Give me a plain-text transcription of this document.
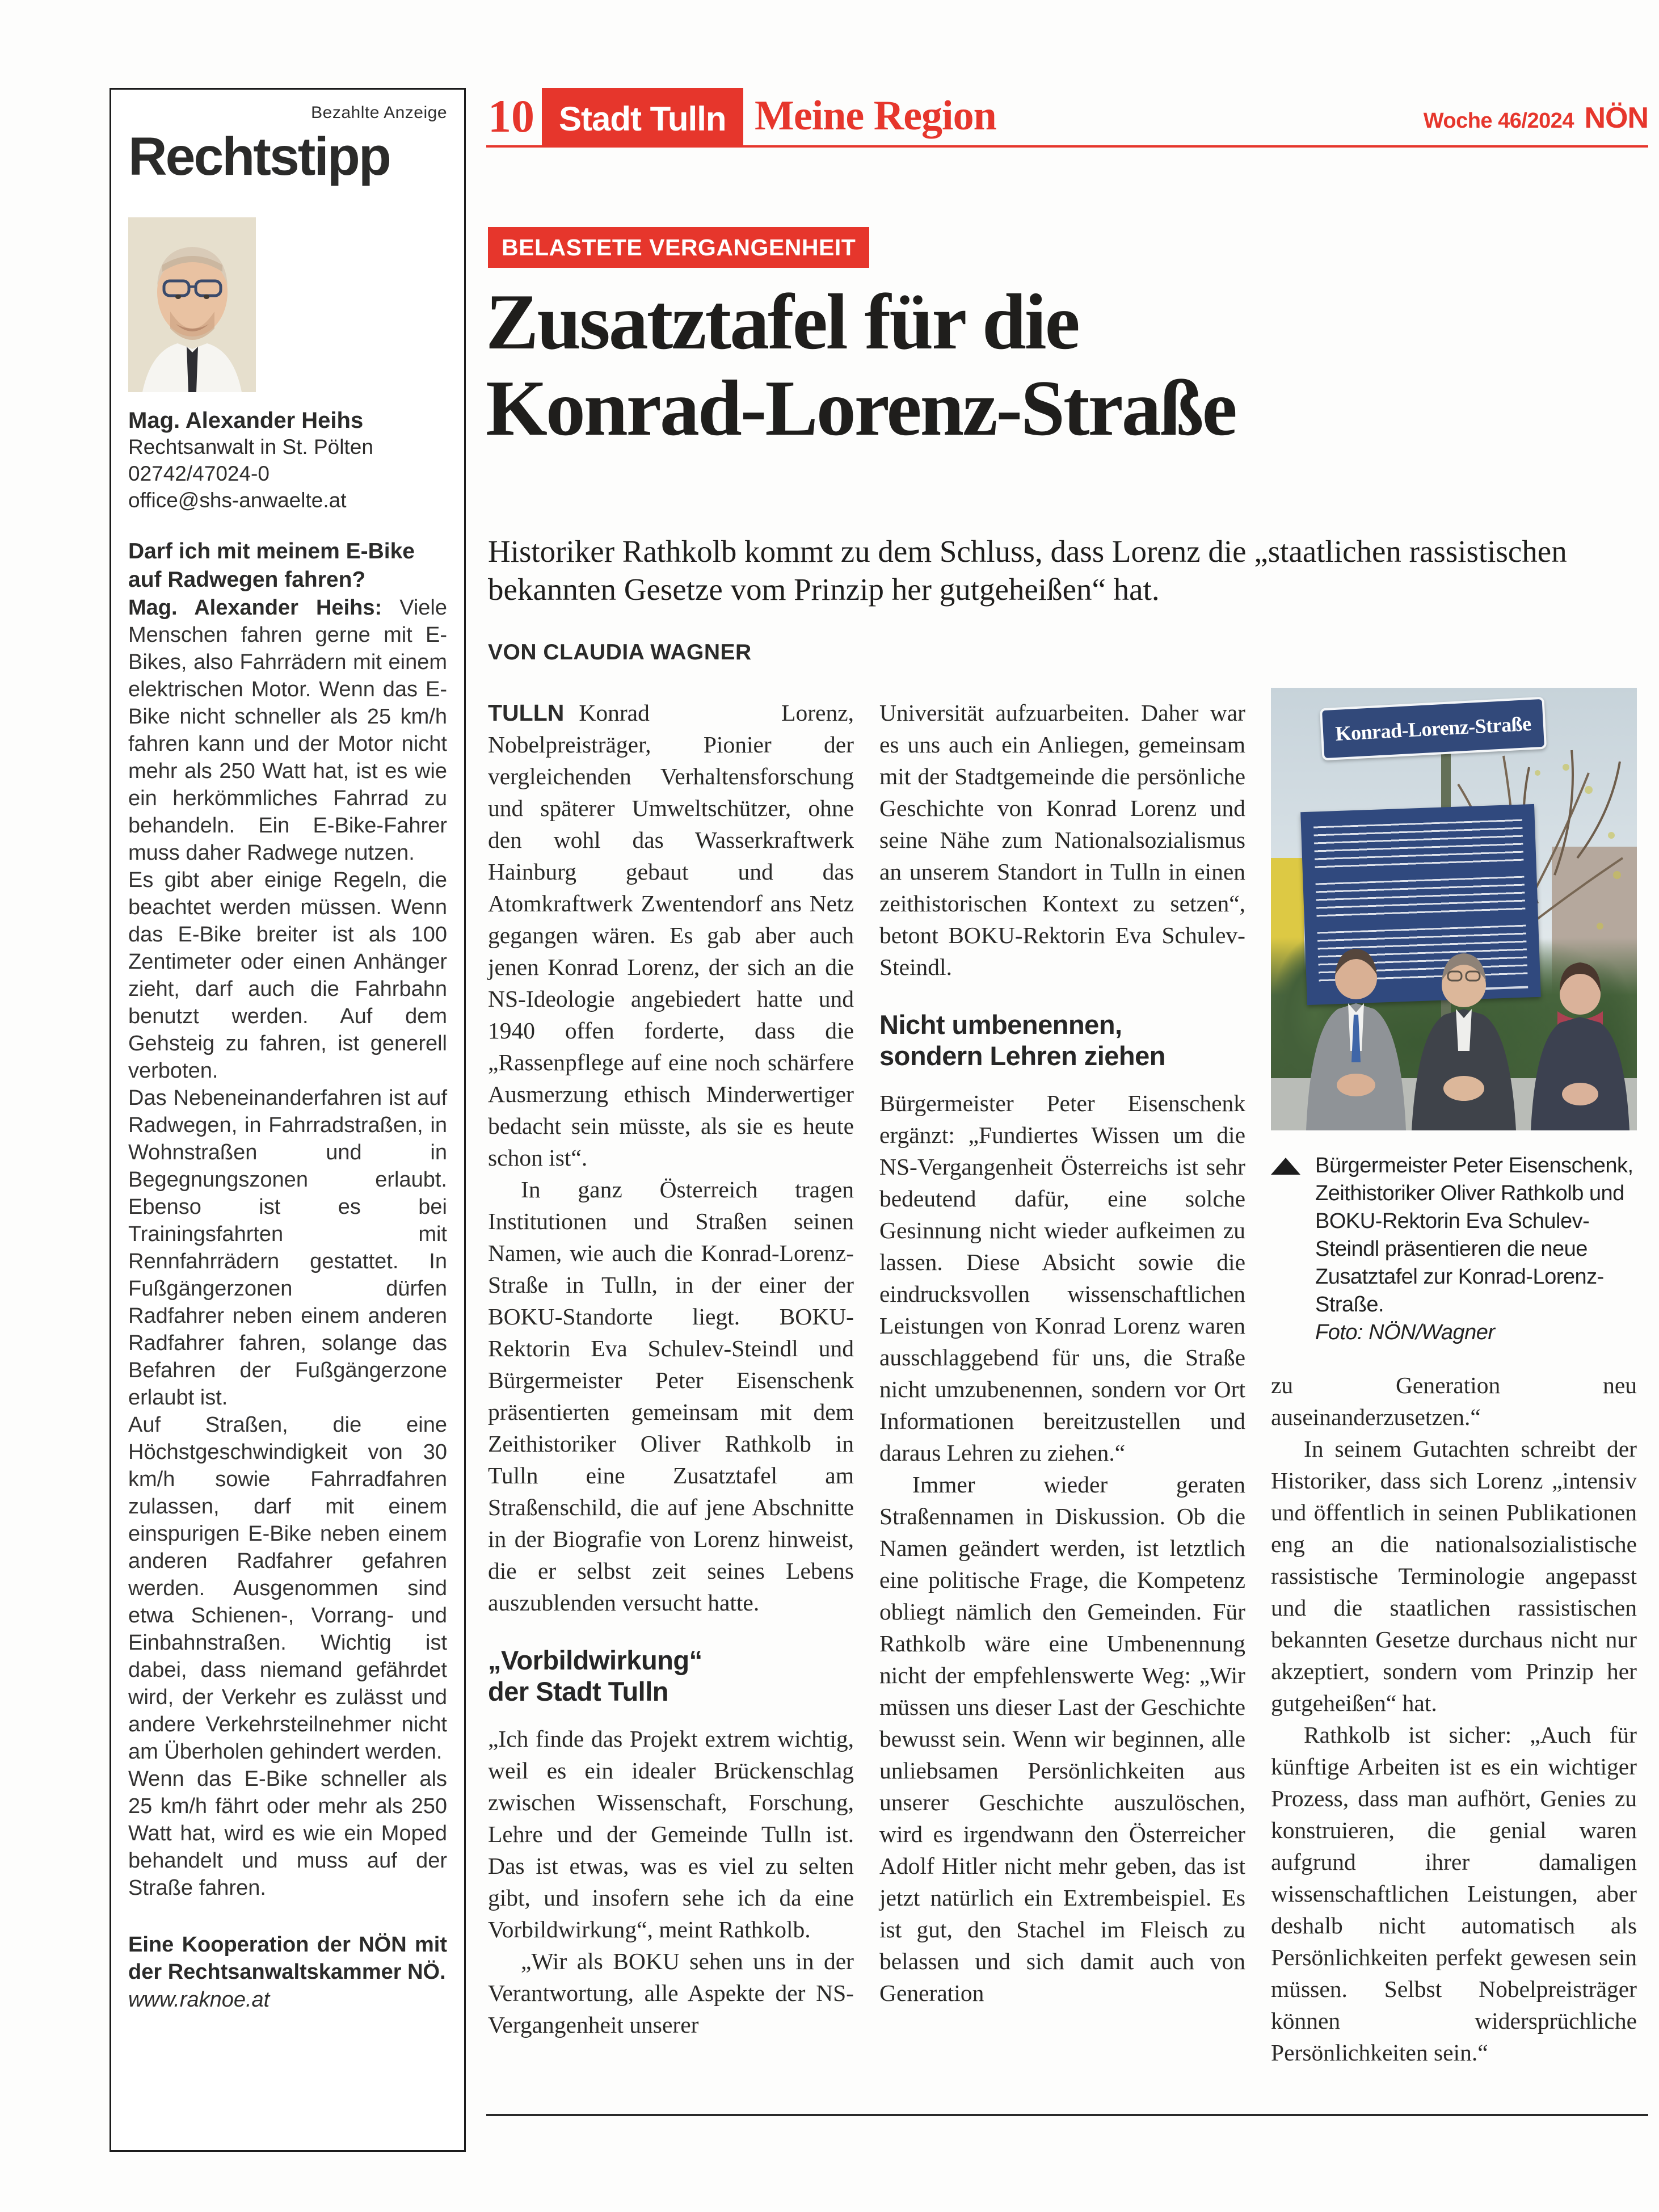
Bezahlte Anzeige
Rechtstipp
Mag. Alexander Heihs
Rechtsanwalt in St. Pölten
02742/47024-0
office@shs-anwaelte.at
Darf ich mit meinem E-Bike auf Radwegen fahren?

Mag. Alexander Heihs: Viele Menschen fahren gerne mit E-Bikes, also Fahrrädern mit einem elektrischen Motor. Wenn das E-Bike nicht schneller als 25 km/h fahren kann und der Motor nicht mehr als 250 Watt hat, ist es wie ein herkömmliches Fahrrad zu behandeln. Ein E-Bike-Fahrer muss daher Radwege nutzen.

Es gibt aber einige Regeln, die beachtet werden müssen. Wenn das E-Bike breiter ist als 100 Zentimeter oder einen Anhänger zieht, darf auch die Fahrbahn benutzt werden. Auf dem Gehsteig zu fahren, ist generell verboten.

Das Nebeneinanderfahren ist auf Radwegen, in Fahrradstraßen, in Wohnstraßen und in Begegnungszonen erlaubt. Ebenso ist es bei Trainingsfahrten mit Rennfahrrädern gestattet. In Fußgängerzonen dürfen Radfahrer neben einem anderen Radfahrer fahren, solange das Befahren der Fußgängerzone erlaubt ist.

Auf Straßen, die eine Höchstgeschwindigkeit von 30 km/h sowie Fahrradfahren zulassen, darf mit einem einspurigen E-Bike neben einem anderen Radfahrer gefahren werden. Ausgenommen sind etwa Schienen-, Vorrang- und Einbahnstraßen. Wichtig ist dabei, dass niemand gefährdet wird, der Verkehr es zulässt und andere Verkehrsteilnehmer nicht am Überholen gehindert werden.

Wenn das E-Bike schneller als 25 km/h fährt oder mehr als 250 Watt hat, wird es wie ein Moped behandelt und muss auf der Straße fahren.

Eine Kooperation der NÖN mit der Rechtsanwaltskammer NÖ.
www.raknoe.at
10 Stadt Tulln Meine Region	Woche 46/2024 NÖN
BELASTETE VERGANGENHEIT
Zusatztafel für die
Konrad-Lorenz-Straße
Historiker Rathkolb kommt zu dem Schluss, dass Lorenz die „staatlichen rassistischen bekannten Gesetze vom Prinzip her gutgeheißen“ hat.
VON CLAUDIA WAGNER

TULLN Konrad Lorenz, Nobelpreisträger, Pionier der vergleichenden Verhaltensforschung und späterer Umweltschützer, ohne den wohl das Wasserkraftwerk Hainburg gebaut und das Atomkraftwerk Zwentendorf ans Netz gegangen wären. Es gab aber auch jenen Konrad Lorenz, der sich an die NS-Ideologie angebiedert hatte und 1940 offen forderte, dass die „Rassenpflege auf eine noch schärfere Ausmerzung ethisch Minderwertiger bedacht sein müsste, als sie es heute schon ist“.

In ganz Österreich tragen Institutionen und Straßen seinen Namen, wie auch die Konrad-Lorenz-Straße in Tulln, in der einer der BOKU-Standorte liegt. BOKU-Rektorin Eva Schulev-Steindl und Bürgermeister Peter Eisenschenk präsentierten gemeinsam mit dem Zeithistoriker Oliver Rathkolb in Tulln eine Zusatztafel am Straßenschild, die auf jene Abschnitte in der Biografie von Lorenz hinweist, die er selbst zeit seines Lebens auszublenden versucht hatte.

„Vorbildwirkung“
der Stadt Tulln

„Ich finde das Projekt extrem wichtig, weil es ein idealer Brückenschlag zwischen Wissenschaft, Forschung, Lehre und der Gemeinde Tulln ist. Das ist etwas, was es viel zu selten gibt, und insofern sehe ich da eine Vorbildwirkung“, meint Rathkolb.

„Wir als BOKU sehen uns in der Verantwortung, alle Aspekte der NS-Vergangenheit unserer

Universität aufzuarbeiten. Daher war es uns auch ein Anliegen, gemeinsam mit der Stadtgemeinde die persönliche Geschichte von Konrad Lorenz und seine Nähe zum Nationalsozialismus an unserem Standort in Tulln in einen zeithistorischen Kontext zu setzen“, betont BOKU-Rektorin Eva Schulev-Steindl.

Nicht umbenennen,
sondern Lehren ziehen

Bürgermeister Peter Eisenschenk ergänzt: „Fundiertes Wissen um die NS-Vergangenheit Österreichs ist sehr bedeutend dafür, eine solche Gesinnung nicht wieder aufkeimen zu lassen. Diese Absicht sowie die eindrucksvollen wissenschaftlichen Leistungen von Konrad Lorenz waren ausschlaggebend für uns, die Straße nicht umzubenennen, sondern vor Ort Informationen bereitzustellen und daraus Lehren zu ziehen.“

Immer wieder geraten Straßennamen in Diskussion. Ob die Namen geändert werden, ist letztlich eine politische Frage, die Kompetenz obliegt nämlich den Gemeinden. Für Rathkolb wäre eine Umbenennung nicht der empfehlenswerte Weg: „Wir müssen uns dieser Last der Geschichte bewusst sein. Wenn wir beginnen, alle unliebsamen Persönlichkeiten aus unserer Geschichte auszulöschen, wird es irgendwann den Österreicher Adolf Hitler nicht mehr geben, das ist jetzt natürlich ein Extrembeispiel. Es ist gut, den Stachel im Fleisch zu belassen und sich damit auch von Generation

Konrad-Lorenz-Straße
Bürgermeister Peter Eisenschenk, Zeithistoriker Oliver Rathkolb und BOKU-Rektorin Eva Schulev-Steindl präsentieren die neue Zusatztafel zur Konrad-Lorenz-Straße.
Foto: NÖN/Wagner

zu Generation neu auseinanderzusetzen.“

In seinem Gutachten schreibt der Historiker, dass sich Lorenz „intensiv und öffentlich in seinen Publikationen eng an die nationalsozialistische rassistische Terminologie angepasst und die staatlichen rassistischen bekannten Gesetze durchaus nicht nur akzeptiert, sondern vom Prinzip her gutgeheißen“ hat.

Rathkolb ist sicher: „Auch für künftige Arbeiten ist es ein wichtiger Prozess, dass man aufhört, Genies zu konstruieren, die genial waren aufgrund ihrer damaligen wissenschaftlichen Leistungen, aber deshalb nicht automatisch als Persönlichkeiten perfekt gewesen sein müssen. Selbst Nobelpreisträger können widersprüchliche Persönlichkeiten sein.“
